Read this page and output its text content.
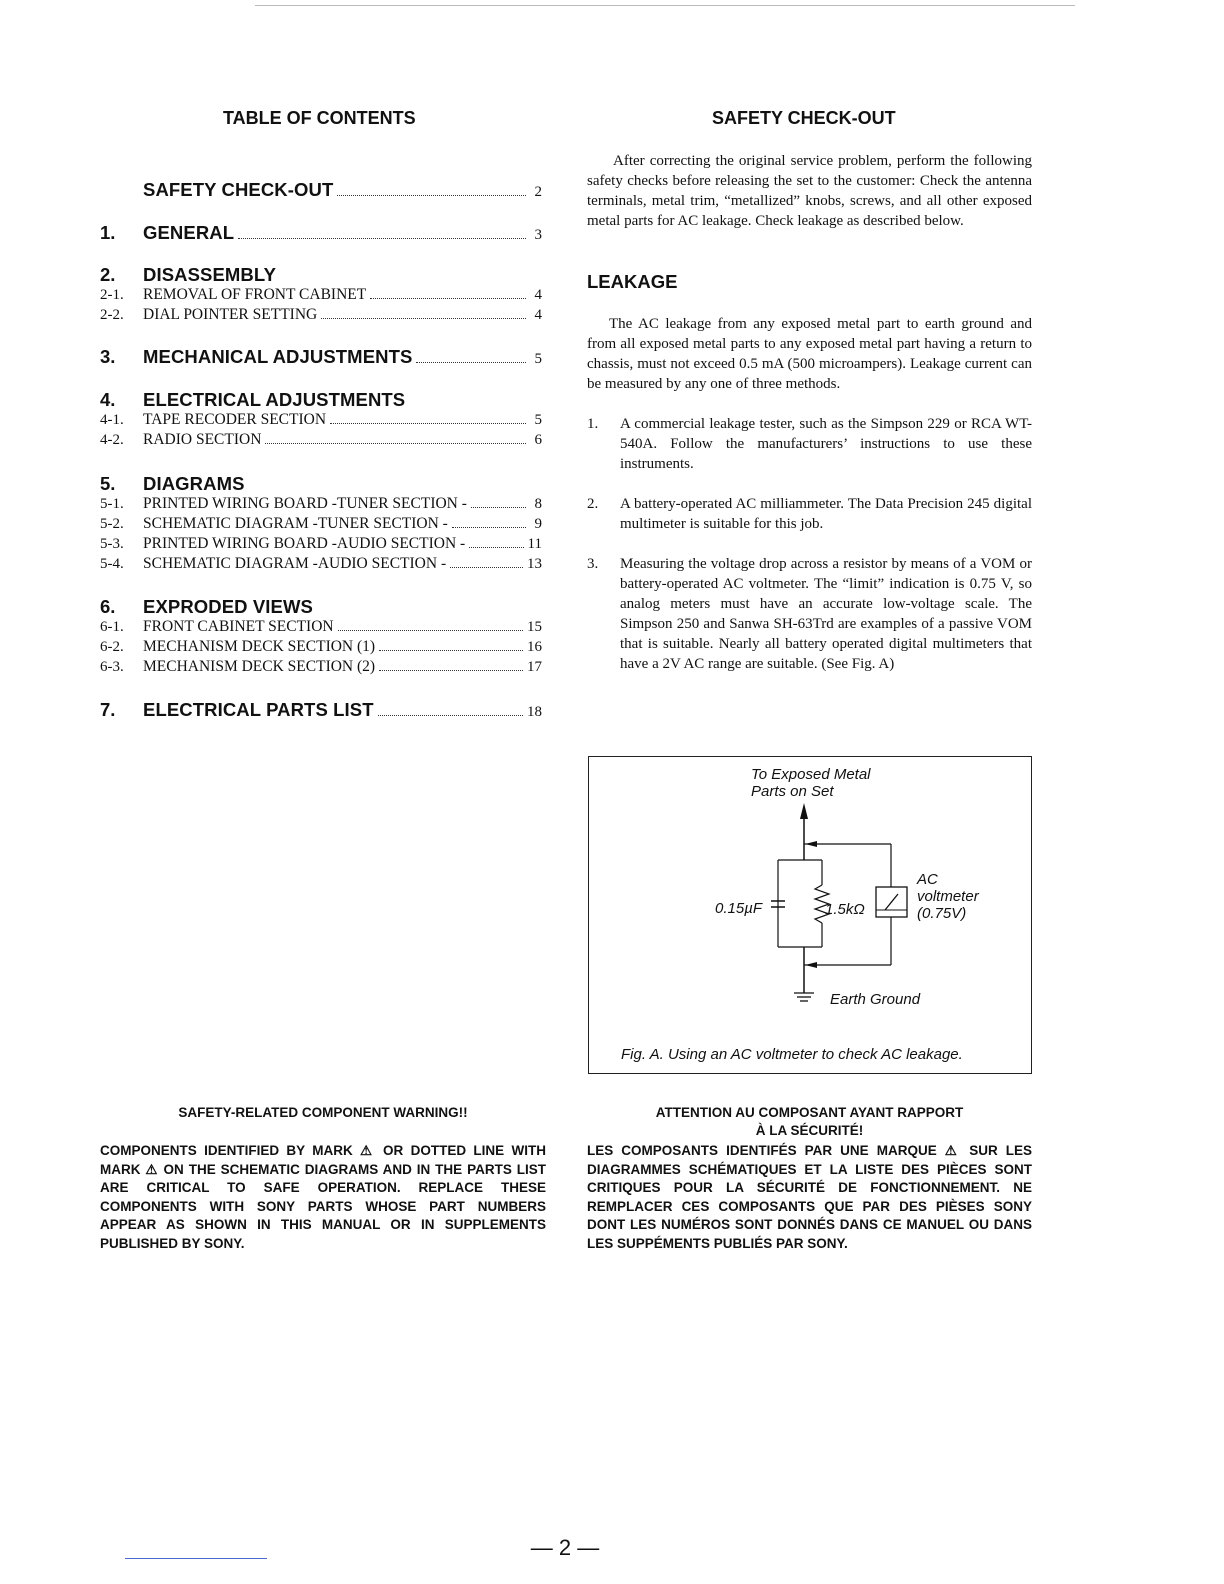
TABLE OF CONTENTS
SAFETY CHECK-OUT	2
1.	GENERAL	3
2.	DISASSEMBLY
2-1.	REMOVAL OF FRONT CABINET	4
2-2.	DIAL POINTER SETTING	4
3.	MECHANICAL ADJUSTMENTS	5
4.	ELECTRICAL ADJUSTMENTS
4-1.	TAPE RECODER SECTION	5
4-2.	RADIO SECTION	6
5.	DIAGRAMS
5-1.	PRINTED WIRING BOARD -TUNER SECTION -	8
5-2.	SCHEMATIC DIAGRAM -TUNER SECTION -	9
5-3.	PRINTED WIRING BOARD -AUDIO SECTION -	11
5-4.	SCHEMATIC DIAGRAM -AUDIO SECTION -	13
6.	EXPRODED VIEWS
6-1.	FRONT CABINET SECTION	15
6-2.	MECHANISM DECK SECTION (1)	16
6-3.	MECHANISM DECK SECTION (2)	17
7.	ELECTRICAL PARTS LIST	18
SAFETY CHECK-OUT
After correcting the original service problem, perform the following safety checks before releasing the set to the customer: Check the antenna terminals, metal trim, “metallized” knobs, screws, and all other exposed metal parts for AC leakage. Check leakage as described below.
LEAKAGE
The AC leakage from any exposed metal part to earth ground and from all exposed metal parts to any exposed metal part having a return to chassis, must not exceed 0.5 mA (500 microampers). Leakage current can be measured by any one of three methods.
1. A commercial leakage tester, such as the Simpson 229 or RCA WT-540A. Follow the manufacturers’ instructions to use these instruments.
2. A battery-operated AC milliammeter. The Data Precision 245 digital multimeter is suitable for this job.
3. Measuring the voltage drop across a resistor by means of a VOM or battery-operated AC voltmeter. The “limit” indication is 0.75 V, so analog meters must have an accurate low-voltage scale. The Simpson 250 and Sanwa SH-63Trd are examples of a passive VOM that is suitable. Nearly all battery operated digital multimeters that have a 2V AC range are suitable. (See Fig. A)
To Exposed Metal
Parts on Set
0.15µF	1.5kΩ
AC
voltmeter
(0.75V)
Earth Ground
Fig. A. Using an AC voltmeter to check AC leakage.
SAFETY-RELATED COMPONENT WARNING!!
COMPONENTS IDENTIFIED BY MARK ⚠ OR DOTTED LINE WITH MARK ⚠ ON THE SCHEMATIC DIAGRAMS AND IN THE PARTS LIST ARE CRITICAL TO SAFE OPERATION. REPLACE THESE COMPONENTS WITH SONY PARTS WHOSE PART NUMBERS APPEAR AS SHOWN IN THIS MANUAL OR IN SUPPLEMENTS PUBLISHED BY SONY.
ATTENTION AU COMPOSANT AYANT RAPPORT
À LA SÉCURITÉ!
LES COMPOSANTS IDENTIFÉS PAR UNE MARQUE ⚠ SUR LES DIAGRAMMES SCHÉMATIQUES ET LA LISTE DES PIÈCES SONT CRITIQUES POUR LA SÉCURITÉ DE FONCTIONNEMENT. NE REMPLACER CES COMPOSANTS QUE PAR DES PIÈSES SONY DONT LES NUMÉROS SONT DONNÉS DANS CE MANUEL OU DANS LES SUPPÉMENTS PUBLIÉS PAR SONY.
— 2 —
